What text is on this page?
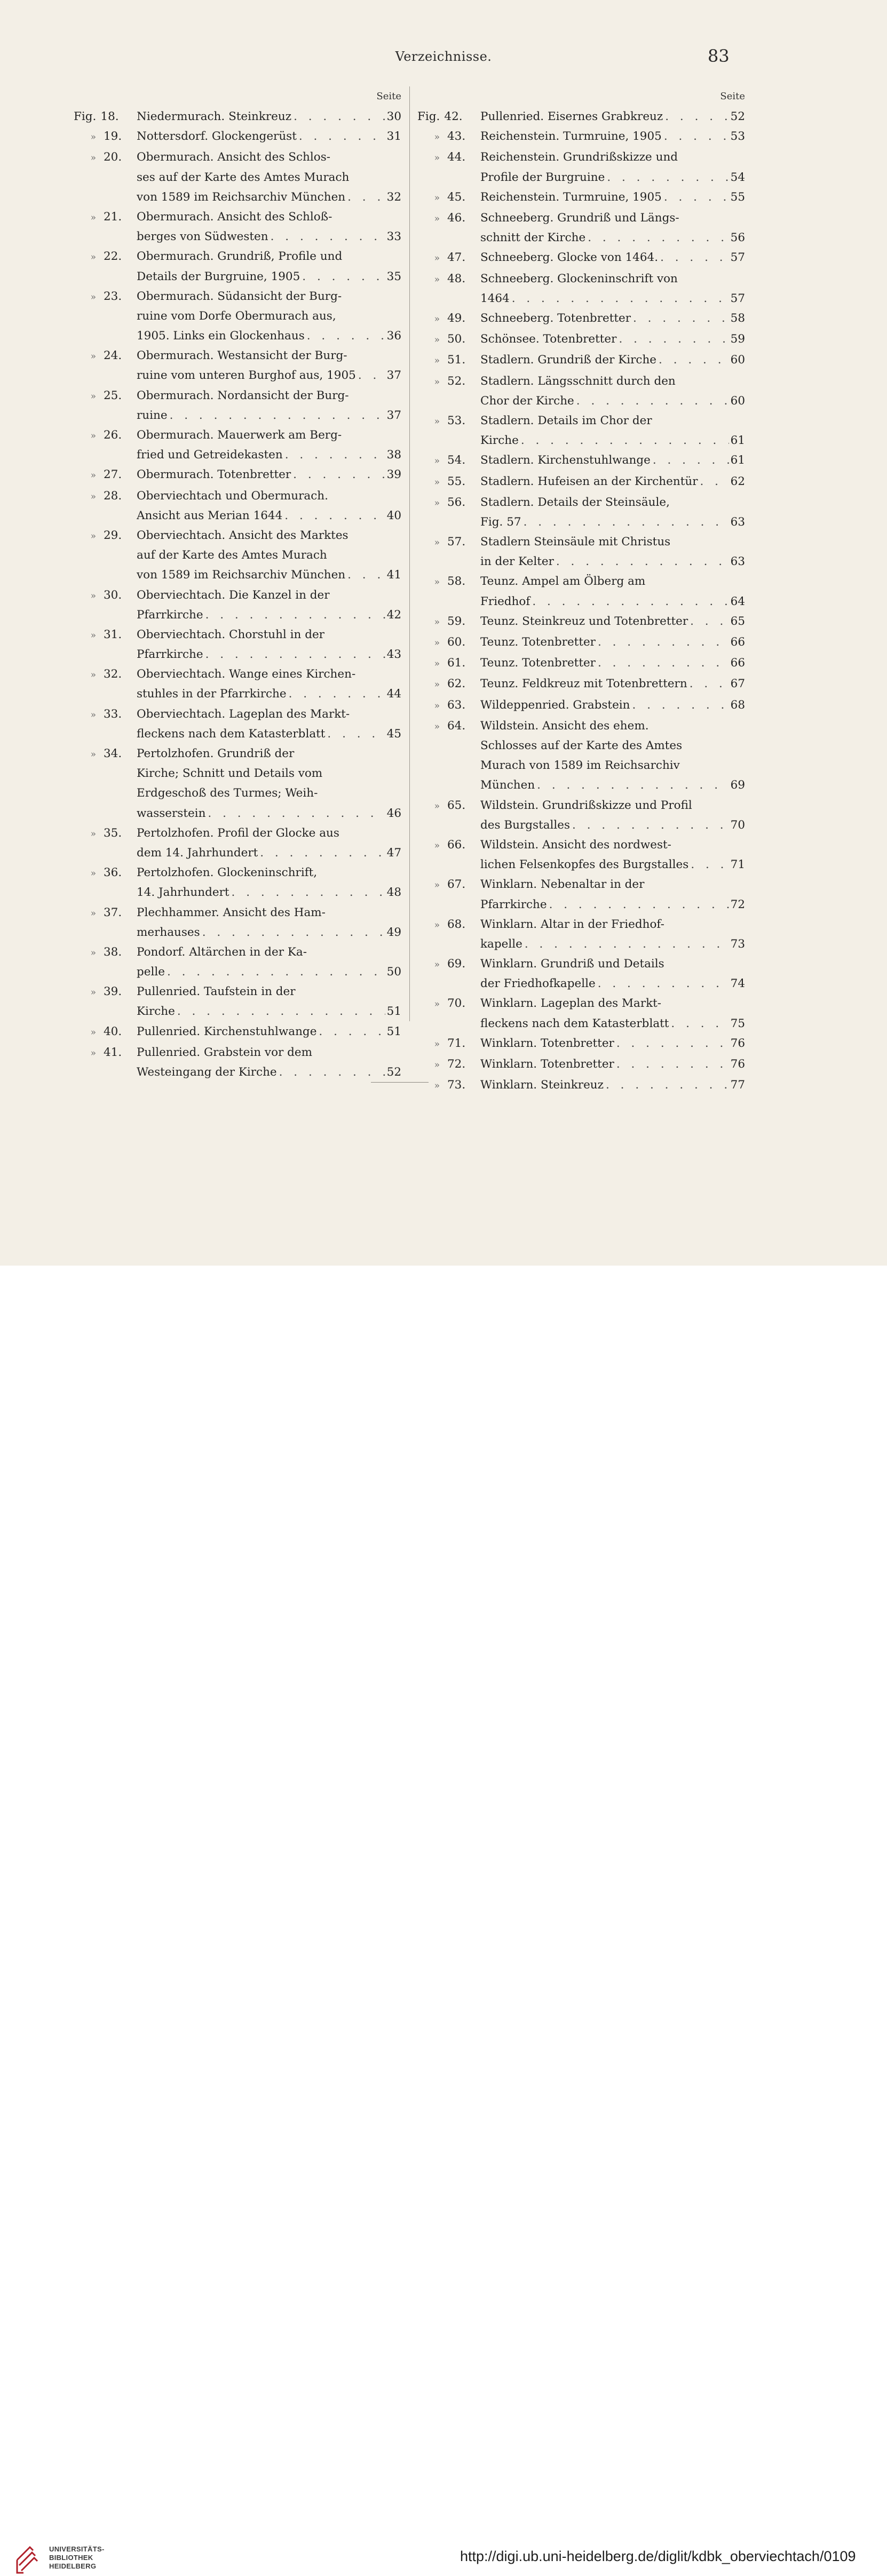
Verzeichnisse.	83
Seite
Fig. 18.	Niedermurach. Steinkreuz . . .	30
» 19.	Nottersdorf. Glockengerüst . . .	31
» 20.	Obermurach. Ansicht des Schlos-
ses auf der Karte des Amtes Murach
von 1589 im Reichsarchiv München . . .	32
» 21.	Obermurach. Ansicht des Schloß-
berges von Südwesten . . .	33
» 22.	Obermurach. Grundriß, Profile und
Details der Burgruine, 1905 . . .	35
» 23.	Obermurach. Südansicht der Burg-
ruine vom Dorfe Obermurach aus,
1905. Links ein Glockenhaus . . .	36
» 24.	Obermurach. Westansicht der Burg-
ruine vom unteren Burghof aus, 1905 . . .	37
» 25.	Obermurach. Nordansicht der Burg-
ruine . . .	37
» 26.	Obermurach. Mauerwerk am Berg-
fried und Getreidekasten . . .	38
» 27.	Obermurach. Totenbretter . . .	39
» 28.	Oberviechtach und Obermurach.
Ansicht aus Merian 1644 . . .	40
» 29.	Oberviechtach. Ansicht des Marktes
auf der Karte des Amtes Murach
von 1589 im Reichsarchiv München . . .	41
» 30.	Oberviechtach. Die Kanzel in der
Pfarrkirche . . .	42
» 31.	Oberviechtach. Chorstuhl in der
Pfarrkirche . . .	43
» 32.	Oberviechtach. Wange eines Kirchen-
stuhles in der Pfarrkirche . . .	44
» 33.	Oberviechtach. Lageplan des Markt-
fleckens nach dem Katasterblatt . . .	45
» 34.	Pertolzhofen. Grundriß der
Kirche; Schnitt und Details vom
Erdgeschoß des Turmes; Weih-
wasserstein . . .	46
» 35.	Pertolzhofen. Profil der Glocke aus
dem 14. Jahrhundert . . .	47
» 36.	Pertolzhofen. Glockeninschrift,
14. Jahrhundert . . .	48
» 37.	Plechhammer. Ansicht des Ham-
merhauses . . .	49
» 38.	Pondorf. Altärchen in der Ka-
pelle . . .	50
» 39.	Pullenried. Taufstein in der
Kirche . . .	51
» 40.	Pullenried. Kirchenstuhlwange . . .	51
» 41.	Pullenried. Grabstein vor dem
Westeingang der Kirche . . .	52
Seite
Fig. 42.	Pullenried. Eisernes Grabkreuz . . .	52
» 43.	Reichenstein. Turmruine, 1905 . . .	53
» 44.	Reichenstein. Grundrißskizze und
Profile der Burgruine . . .	54
» 45.	Reichenstein. Turmruine, 1905 . . .	55
» 46.	Schneeberg. Grundriß und Längs-
schnitt der Kirche . . .	56
» 47.	Schneeberg. Glocke von 1464. . . .	57
» 48.	Schneeberg. Glockeninschrift von
1464 . . .	57
» 49.	Schneeberg. Totenbretter . . .	58
» 50.	Schönsee. Totenbretter . . .	59
» 51.	Stadlern. Grundriß der Kirche . . .	60
» 52.	Stadlern. Längsschnitt durch den
Chor der Kirche . . .	60
» 53.	Stadlern. Details im Chor der
Kirche . . .	61
» 54.	Stadlern. Kirchenstuhlwange . . .	61
» 55.	Stadlern. Hufeisen an der Kirchentür . . .	62
» 56.	Stadlern. Details der Steinsäule,
Fig. 57 . . .	63
» 57.	Stadlern Steinsäule mit Christus
in der Kelter . . .	63
» 58.	Teunz. Ampel am Ölberg am
Friedhof . . .	64
» 59.	Teunz. Steinkreuz und Totenbretter . . .	65
» 60.	Teunz. Totenbretter . . .	66
» 61.	Teunz. Totenbretter . . .	66
» 62.	Teunz. Feldkreuz mit Totenbrettern . . .	67
» 63.	Wildeppenried. Grabstein . . .	68
» 64.	Wildstein. Ansicht des ehem.
Schlosses auf der Karte des Amtes
Murach von 1589 im Reichsarchiv
München . . .	69
» 65.	Wildstein. Grundrißskizze und Profil
des Burgstalles . . .	70
» 66.	Wildstein. Ansicht des nordwest-
lichen Felsenkopfes des Burgstalles . . .	71
» 67.	Winklarn. Nebenaltar in der
Pfarrkirche . . .	72
» 68.	Winklarn. Altar in der Friedhof-
kapelle . . .	73
» 69.	Winklarn. Grundriß und Details
der Friedhofkapelle . . .	74
» 70.	Winklarn. Lageplan des Markt-
fleckens nach dem Katasterblatt . . .	75
» 71.	Winklarn. Totenbretter . . .	76
» 72.	Winklarn. Totenbretter . . .	76
» 73.	Winklarn. Steinkreuz . . .	77
UNIVERSITÄTS-
BIBLIOTHEK
HEIDELBERG
http://digi.ub.uni-heidelberg.de/diglit/kdbk_oberviechtach/0109
